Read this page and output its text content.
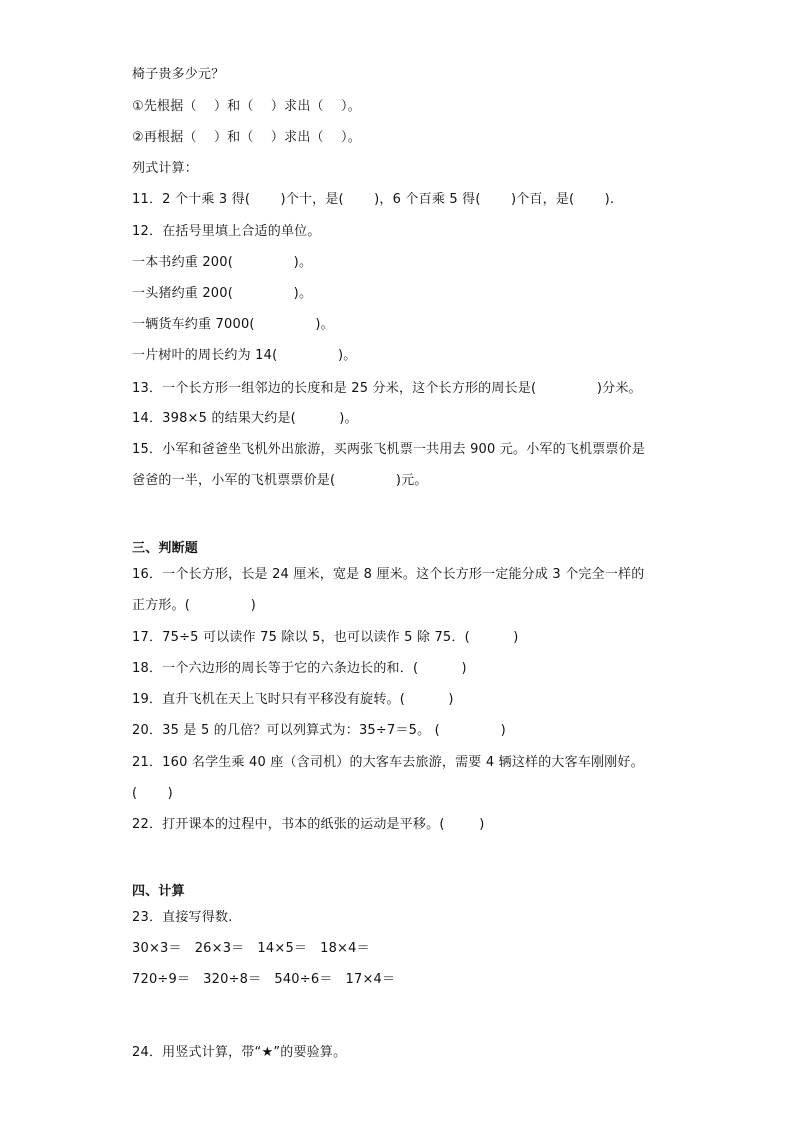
椅子贵多少元？
①先根据（    ）和（    ）求出（    ）。
②再根据（    ）和（    ）求出（    ）。
列式计算：
11．2 个十乘 3 得(       )个十，是(       )，6 个百乘 5 得(       )个百，是(       ).
12．在括号里填上合适的单位。
一本书约重 200(              )。
一头猪约重 200(              )。
一辆货车约重 7000(              )。
一片树叶的周长约为 14(              )。
13．一个长方形一组邻边的长度和是 25 分米，这个长方形的周长是(              )分米。
14．398×5 的结果大约是(          )。
15．小军和爸爸坐飞机外出旅游，买两张飞机票一共用去 900 元。小军的飞机票票价是
爸爸的一半，小军的飞机票票价是(              )元。
三、判断题
16．一个长方形，长是 24 厘米，宽是 8 厘米。这个长方形一定能分成 3 个完全一样的
正方形。(              )
17．75÷5 可以读作 75 除以 5，也可以读作 5 除 75．(          )
18．一个六边形的周长等于它的六条边长的和．(          )
19．直升飞机在天上飞时只有平移没有旋转。(          )
20．35 是 5 的几倍？可以列算式为：35÷7＝5。 (              )
21．160 名学生乘 40 座（含司机）的大客车去旅游，需要 4 辆这样的大客车刚刚好。
(       )
22．打开课本的过程中，书本的纸张的运动是平移。(        )
四、计算
23．直接写得数.
30×3＝   26×3＝   14×5＝   18×4＝
720÷9＝   320÷8＝   540÷6＝   17×4＝
24．用竖式计算，带“★”的要验算。
